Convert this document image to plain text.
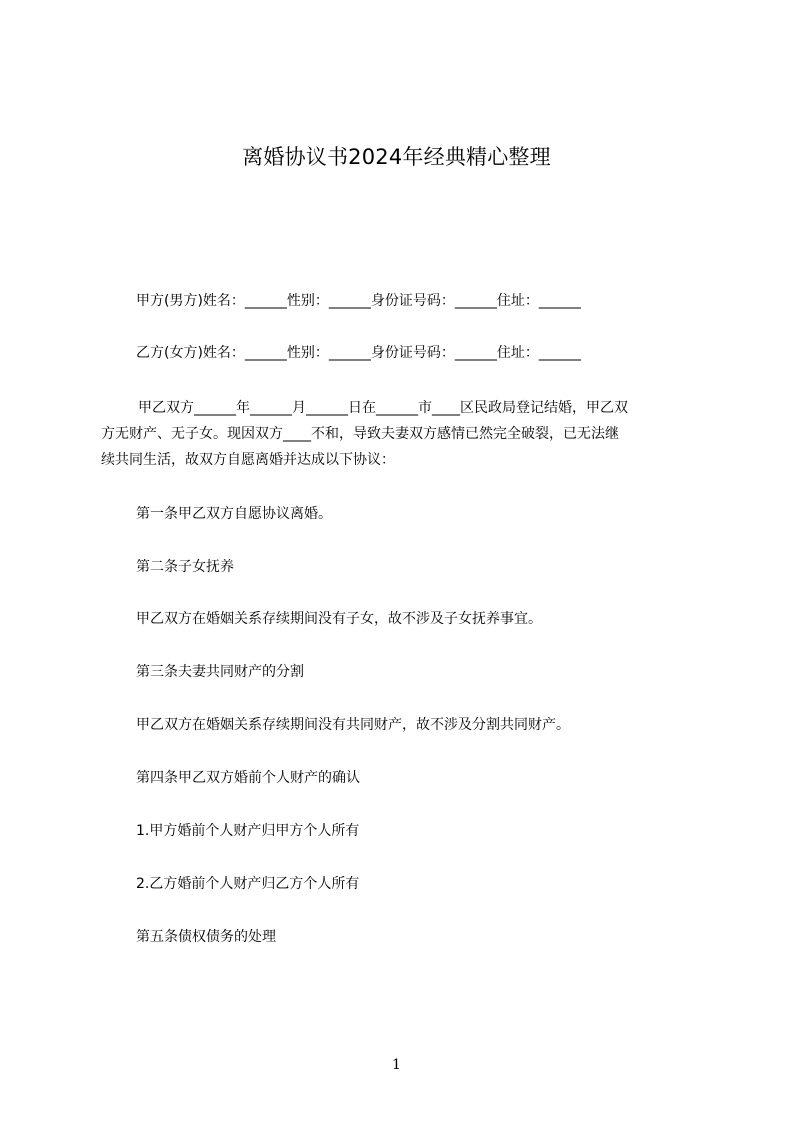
离婚协议书2024年经典精心整理
甲方(男方)姓名：______性别：______身份证号码：______住址：______
乙方(女方)姓名：______性别：______身份证号码：______住址：______
甲乙双方______年______月______日在______市____区民政局登记结婚，甲乙双
方无财产、无子女。现因双方____不和，导致夫妻双方感情已然完全破裂，已无法继
续共同生活，故双方自愿离婚并达成以下协议：
第一条甲乙双方自愿协议离婚。
第二条子女抚养
甲乙双方在婚姻关系存续期间没有子女，故不涉及子女抚养事宜。
第三条夫妻共同财产的分割
甲乙双方在婚姻关系存续期间没有共同财产，故不涉及分割共同财产。
第四条甲乙双方婚前个人财产的确认
1.甲方婚前个人财产归甲方个人所有
2.乙方婚前个人财产归乙方个人所有
第五条债权债务的处理
1
